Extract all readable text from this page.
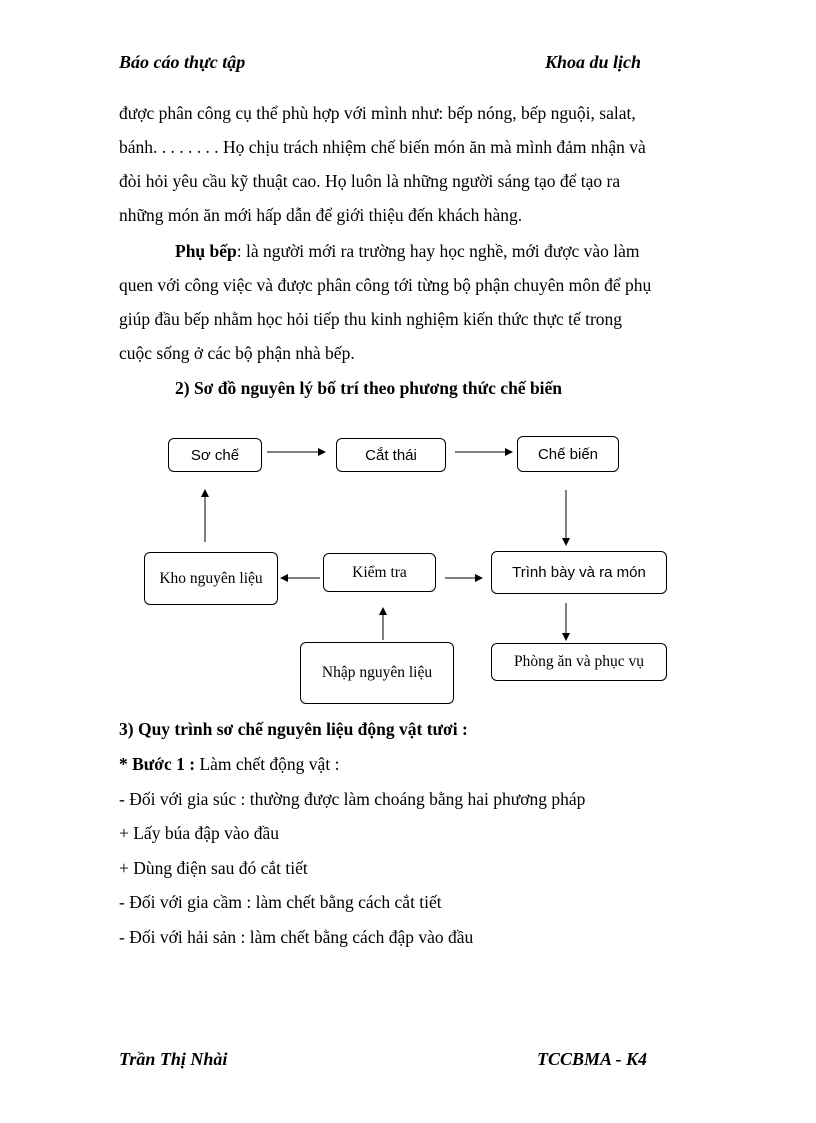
Báo cáo thực tập	Khoa du lịch

được phân công cụ thể phù hợp với mình như: bếp nóng, bếp nguội, salat,

bánh. . . . . . . . Họ chịu trách nhiệm chế biến món ăn mà mình đảm nhận và

đòi hỏi yêu cầu kỹ thuật cao. Họ luôn là những người sáng tạo để tạo ra

những món ăn mới hấp dẫn để giới thiệu đến khách hàng.

Phụ bếp: là người mới ra trường hay học nghề, mới được vào làm

quen với công việc và được phân công tới từng bộ phận chuyên môn để phụ

giúp đầu bếp nhằm học hỏi tiếp thu kinh nghiệm kiến thức thực tế trong

cuộc sống ở các bộ phận nhà bếp.

2) Sơ đồ nguyên lý bố trí theo phương thức chế biến
Sơ chế	Cắt thái	Chế biến
Kho nguyên liệu	Kiểm tra	Trình bày và ra món
Nhập nguyên liệu
Phòng ăn và phục vụ
3) Quy trình sơ chế nguyên liệu động vật tươi :

* Bước 1 : Làm chết động vật :

- Đối với gia súc : thường được làm choáng bằng hai phương pháp

+ Lấy búa đập vào đầu

+ Dùng điện sau đó cắt tiết

- Đối với gia cầm : làm chết bằng cách cắt tiết

- Đối với hải sản : làm chết bằng cách đập vào đầu

Trần Thị Nhài	TCCBMA - K4
